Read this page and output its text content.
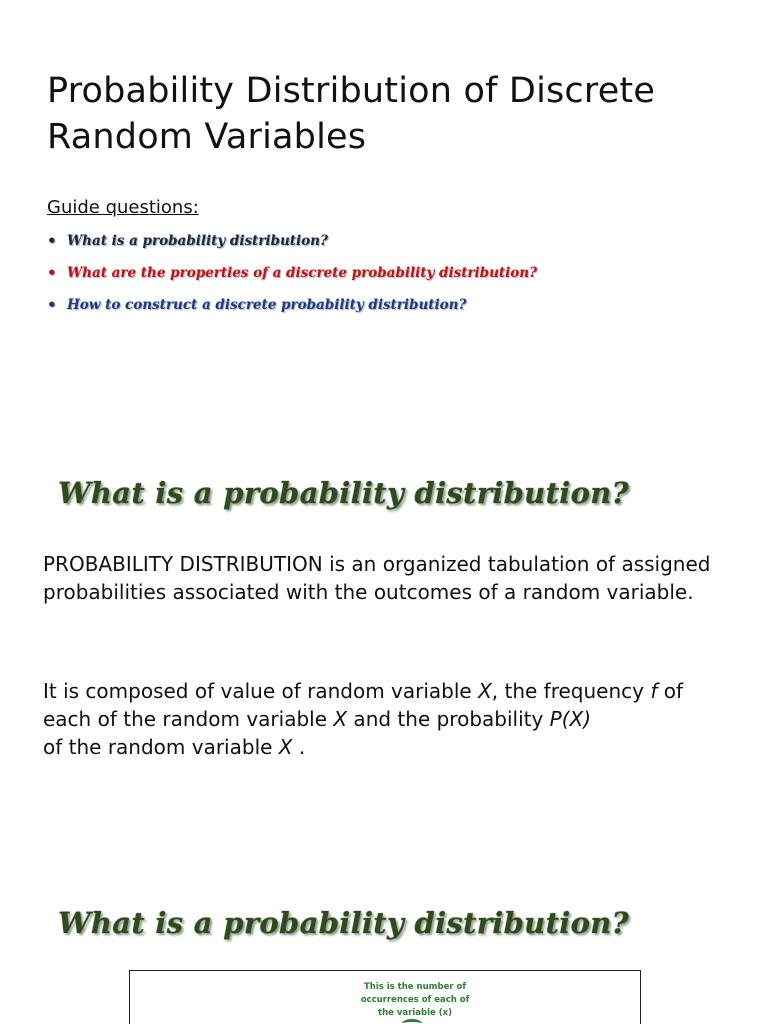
Probability Distribution of Discrete Random Variables
Guide questions:
• What is a probability distribution?
• What are the properties of a discrete probability distribution?
• How to construct a discrete probability distribution?
What is a probability distribution?

PROBABILITY DISTRIBUTION is an organized tabulation of assigned probabilities associated with the outcomes of a random variable.

It is composed of value of random variable X, the frequency f of each of the random variable X and the probability P(X)
of the random variable X .

What is a probability distribution?
This is the number of occurrences of each of the variable (x)
